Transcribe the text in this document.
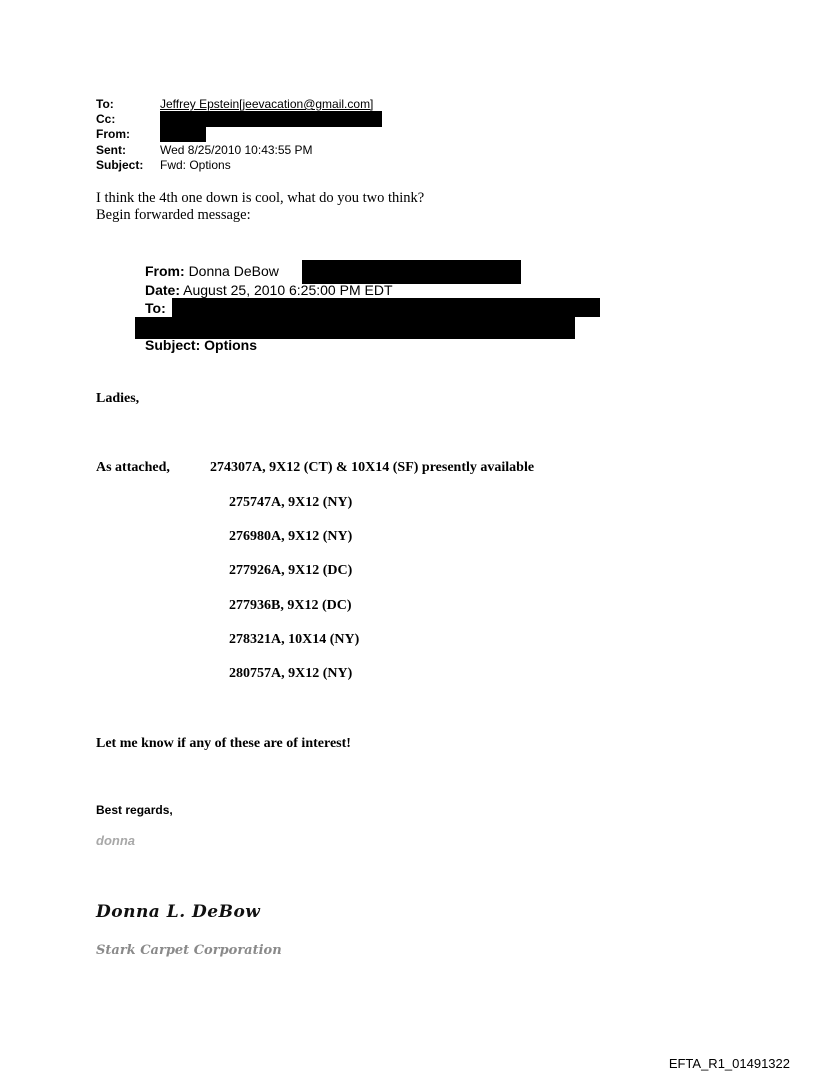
To:	Jeffrey Epstein[jeevacation@gmail.com]
Cc:
From:
Sent:	Wed 8/25/2010 10:43:55 PM
Subject: Fwd: Options
I think the 4th one down is cool, what do you two think?
Begin forwarded message:
From: Donna DeBow
Date: August 25, 2010 6:25:00 PM EDT
To:
Subject: Options
Ladies,
As attached,	274307A, 9X12 (CT) & 10X14 (SF) presently available
275747A, 9X12 (NY)
276980A, 9X12 (NY)
277926A, 9X12 (DC)
277936B, 9X12 (DC)
278321A, 10X14 (NY)
280757A, 9X12 (NY)
Let me know if any of these are of interest!
Best regards,
donna
Donna L. DeBow
Stark Carpet Corporation
EFTA_R1_01491322
